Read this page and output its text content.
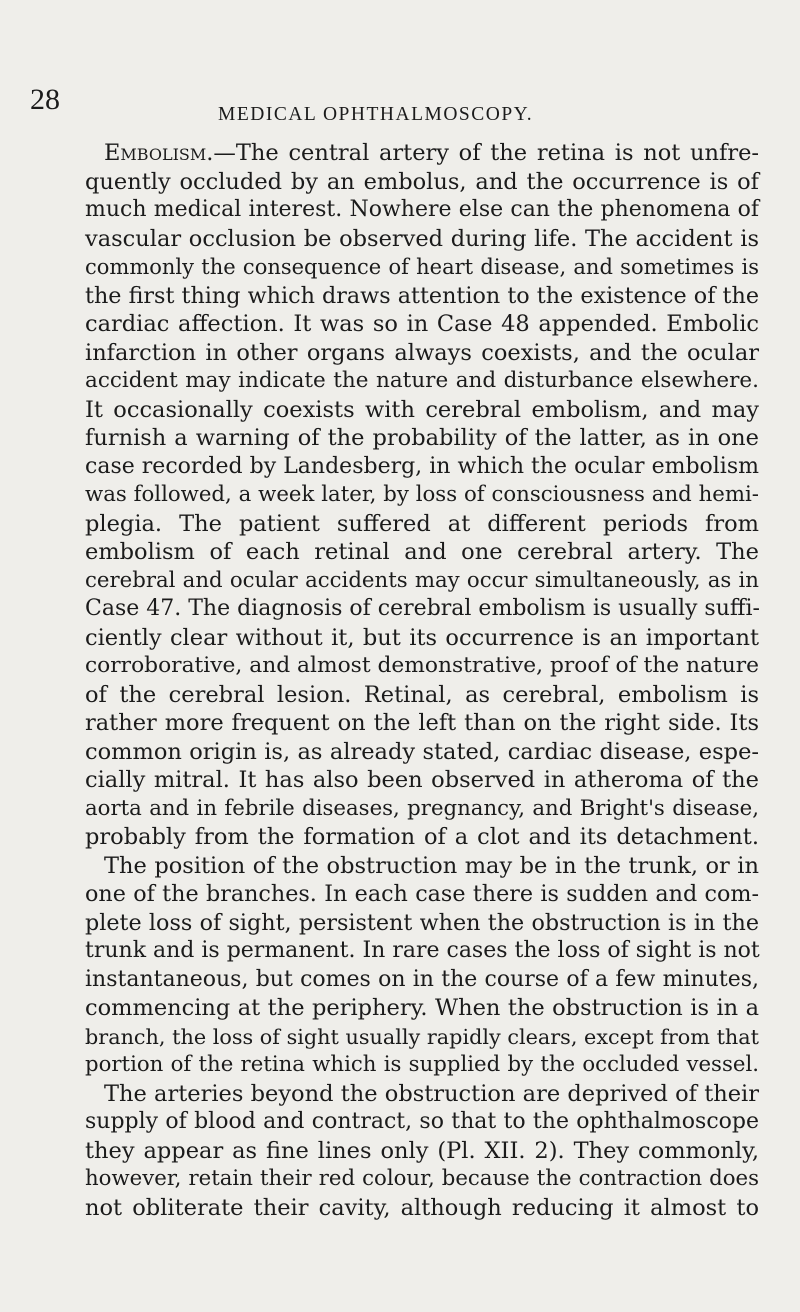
28	MEDICAL OPHTHALMOSCOPY.
Embolism.—The central artery of the retina is not unfre-
quently occluded by an embolus, and the occurrence is of
much medical interest. Nowhere else can the phenomena of
vascular occlusion be observed during life. The accident is
commonly the consequence of heart disease, and sometimes is
the first thing which draws attention to the existence of the
cardiac affection. It was so in Case 48 appended. Embolic
infarction in other organs always coexists, and the ocular
accident may indicate the nature and disturbance elsewhere.
It occasionally coexists with cerebral embolism, and may
furnish a warning of the probability of the latter, as in one
case recorded by Landesberg, in which the ocular embolism
was followed, a week later, by loss of consciousness and hemi-
plegia. The patient suffered at different periods from
embolism of each retinal and one cerebral artery. The
cerebral and ocular accidents may occur simultaneously, as in
Case 47. The diagnosis of cerebral embolism is usually suffi-
ciently clear without it, but its occurrence is an important
corroborative, and almost demonstrative, proof of the nature
of the cerebral lesion. Retinal, as cerebral, embolism is
rather more frequent on the left than on the right side. Its
common origin is, as already stated, cardiac disease, espe-
cially mitral. It has also been observed in atheroma of the
aorta and in febrile diseases, pregnancy, and Bright's disease,
probably from the formation of a clot and its detachment.
The position of the obstruction may be in the trunk, or in
one of the branches. In each case there is sudden and com-
plete loss of sight, persistent when the obstruction is in the
trunk and is permanent. In rare cases the loss of sight is not
instantaneous, but comes on in the course of a few minutes,
commencing at the periphery. When the obstruction is in a
branch, the loss of sight usually rapidly clears, except from that
portion of the retina which is supplied by the occluded vessel.
The arteries beyond the obstruction are deprived of their
supply of blood and contract, so that to the ophthalmoscope
they appear as fine lines only (Pl. XII. 2). They commonly,
however, retain their red colour, because the contraction does
not obliterate their cavity, although reducing it almost to
